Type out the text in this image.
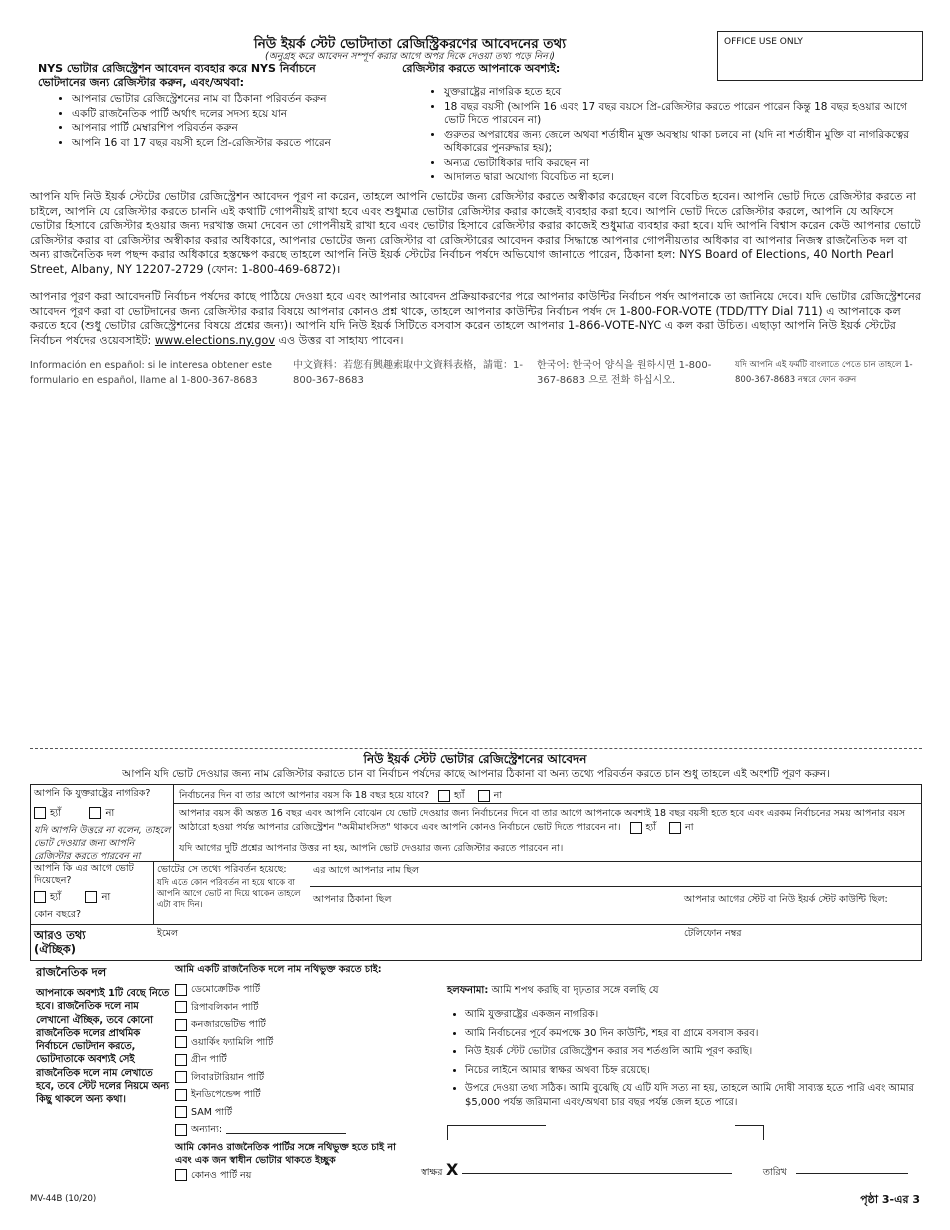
নিউ ইয়র্ক স্টেট ভোটদাতা রেজিস্ট্রিকরণের আবেদনের তথ্য
(অনুগ্রহ করে আবেদন সম্পূর্ণ করার আগে অপর দিকে দেওয়া তথ্য পড়ে নিন।)
OFFICE USE ONLY
NYS ভোটার রেজিস্ট্রেশন আবেদন ব্যবহার করে NYS নির্বাচনে ভোটদানের জন্য রেজিস্টার করুন, এবং/অথবা:
• আপনার ভোটার রেজিস্ট্রেশনের নাম বা ঠিকানা পরিবর্তন করুন
• একটি রাজনৈতিক পার্টি অর্থাৎ দলের সদস্য হয়ে যান
• আপনার পার্টি মেম্বারশিপ পরিবর্তন করুন
• আপনি 16 বা 17 বছর বয়সী হলে প্রি-রেজিস্টার করতে পারেন
রেজিস্টার করতে আপনাকে অবশ্যই:
• যুক্তরাষ্ট্রের নাগরিক হতে হবে
• 18 বছর বয়সী (আপনি 16 এবং 17 বছর বয়সে প্রি-রেজিস্টার করতে পারেন পারেন কিন্তু 18 বছর হওয়ার আগে ভোট দিতে পারবেন না)
• গুরুতর অপরাধের জন্য জেলে অথবা শর্তাধীন মুক্ত অবস্থায় থাকা চলবে না (যদি না শর্তাধীন মুক্তি বা নাগরিকত্বের অধিকারের পুনরুদ্ধার হয়);
• অন্যত্র ভোটাধিকার দাবি করছেন না
• আদালত দ্বারা অযোগ্য বিবেচিত না হলে।
আপনি যদি নিউ ইয়র্ক স্টেটের ভোটার রেজিস্ট্রেশন আবেদন পূরণ না করেন, তাহলে আপনি ভোটের জন্য রেজিস্টার করতে অস্বীকার করেছেন বলে বিবেচিত হবেন। আপনি ভোট দিতে রেজিস্টার করতে না চাইলে, আপনি যে রেজিস্টার করতে চাননি এই কথাটি গোপনীয়ই রাখা হবে এবং শুধুমাত্র ভোটার রেজিস্টার করার কাজেই ব্যবহার করা হবে। আপনি ভোট দিতে রেজিস্টার করলে, আপনি যে অফিসে ভোটার হিসাবে রেজিস্টার হওয়ার জন্য দরখাস্ত জমা দেবেন তা গোপনীয়ই রাখা হবে এবং ভোটার হিসাবে রেজিস্টার করার কাজেই শুধুমাত্র ব্যবহার করা হবে। যদি আপনি বিশ্বাস করেন কেউ আপনার ভোটে রেজিস্টার করার বা রেজিস্টার অস্বীকার করার অধিকারে, আপনার ভোটের জন্য রেজিস্টার বা রেজিস্টারের আবেদন করার সিদ্ধান্তে আপনার গোপনীয়তার অধিকার বা আপনার নিজস্ব রাজনৈতিক দল বা অন্য রাজনৈতিক দল পছন্দ করার অধিকারে হস্তক্ষেপ করছে তাহলে আপনি নিউ ইয়র্ক স্টেটের নির্বাচন পর্ষদে অভিযোগ জানাতে পারেন, ঠিকানা হল: NYS Board of Elections, 40 North Pearl Street, Albany, NY 12207-2729 (ফোন: 1-800-469-6872)।
আপনার পূরণ করা আবেদনটি নির্বাচন পর্ষদের কাছে পাঠিয়ে দেওয়া হবে এবং আপনার আবেদন প্রক্রিয়াকরণের পরে আপনার কাউন্টির নির্বাচন পর্ষদ আপনাকে তা জানিয়ে দেবে। যদি ভোটার রেজিস্ট্রেশনের আবেদন পূরণ করা বা ভোটদানের জন্য রেজিস্টার করার বিষয়ে আপনার কোনও প্রশ্ন থাকে, তাহলে আপনার কাউন্টির নির্বাচন পর্ষদ দে 1-800-FOR-VOTE (TDD/TTY Dial 711) এ আপনাকে কল করতে হবে (শুধু ভোটার রেজিস্ট্রেশনের বিষয়ে প্রশ্নের জন্য)। আপনি যদি নিউ ইয়র্ক সিটিতে বসবাস করেন তাহলে আপনার 1-866-VOTE-NYC এ কল করা উচিত। এছাড়া আপনি নিউ ইয়র্ক স্টেটের নির্বাচন পর্ষদের ওয়েবসাইট: www.elections.ny.gov এও উত্তর বা সাহায্য পাবেন।
Información en español: si le interesa obtener este formulario en español, llame al 1-800-367-8683
中文資料：若您有興趣索取中文資料表格，請電：1-800-367-8683
한국어: 한국어 양식을 원하시면 1-800-367-8683 으로 전화 하십시오.
যদি আপনি এই ফর্মটি বাংলাতে পেতে চান তাহলে 1-800-367-8683 নম্বরে ফোন করুন
নিউ ইয়র্ক স্টেট ভোটার রেজিস্ট্রেশনের আবেদন
আপনি যদি ভোট দেওয়ার জন্য নাম রেজিস্টার করাতে চান বা নির্বাচন পর্ষদের কাছে আপনার ঠিকানা বা অন্য তথ্যে পরিবর্তন করতে চান শুধু তাহলে এই অংশটি পূরণ করুন।
আপনি কি যুক্তরাষ্ট্রের নাগরিক?
হ্যাঁ	না
যদি আপনি উত্তরে না বলেন, তাহলে ভোট দেওয়ার জন্য আপনি রেজিস্টার করতে পারবেন না
নির্বাচনের দিন বা তার আগে আপনার বয়স কি 18 বছর হয়ে যাবে?	হ্যাঁ	না
আপনার বয়স কী অন্তত 16 বছর এবং আপনি বোঝেন যে ভোট দেওয়ার জন্য নির্বাচনের দিনে বা তার আগে আপনাকে অবশ্যই 18 বছর বয়সী হতে হবে এবং এরকম নির্বাচনের সময় আপনার বয়স আঠারো হওয়া পর্যন্ত আপনার রেজিস্ট্রেশন "অমীমাংসিত" থাকবে এবং আপনি কোনও নির্বাচনে ভোট দিতে পারবেন না।	হ্যাঁ	না
যদি আগের দুটি প্রশ্নের আপনার উত্তর না হয়, আপনি ভোট দেওয়ার জন্য রেজিস্টার করতে পারবেন না।
আপনি কি এর আগে ভোট দিয়েছেন?
হ্যাঁ	না
কোন বছরে?
ভোটের সে তথ্যে পরিবর্তন হয়েছে:
যদি এতে কোন পরিবর্তন না হয়ে থাকে বা আপনি আগে ভোট না দিয়ে থাকেন তাহলে এটা বাদ দিন।
এর আগে আপনার নাম ছিল
আপনার ঠিকানা ছিল	আপনার আগের স্টেট বা নিউ ইয়র্ক স্টেট কাউন্টি ছিল:
আরও তথ্য (ঐচ্ছিক)
ইমেল	টেলিফোন নম্বর
রাজনৈতিক দল
আপনাকে অবশ্যই 1টি বেছে নিতে হবে। রাজনৈতিক দলে নাম লেখানো ঐচ্ছিক, তবে কোনো রাজনৈতিক দলের প্রাথমিক নির্বাচনে ভোটদান করতে, ভোটদাতাকে অবশ্যই সেই রাজনৈতিক দলে নাম লেখাতে হবে, তবে স্টেট দলের নিয়মে অন্য কিছু থাকলে অন্য কথা।
আমি একটি রাজনৈতিক দলে নাম নথিভুক্ত করতে চাই:
ডেমোক্রেটিক পার্টি
রিপাবলিকান পার্টি
কনজারভেটিভ পার্টি
ওয়ার্কিং ফ্যামিলি পার্টি
গ্রীন পার্টি
লিবারটারিয়ান পার্টি
ইনডিপেন্ডেন্স পার্টি
SAM পার্টি
অন্যান্য:
আমি কোনও রাজনৈতিক পার্টির সঙ্গে নথিভুক্ত হতে চাই না এবং এক জন স্বাধীন ভোটার থাকতে ইচ্ছুক
কোনও পার্টি নয়
হলফনামা: আমি শপথ করছি বা দৃঢ়তার সঙ্গে বলছি যে
• আমি যুক্তরাষ্ট্রের একজন নাগরিক।
• আমি নির্বাচনের পূর্বে কমপক্ষে 30 দিন কাউন্টি, শহর বা গ্রামে বসবাস করব।
• নিউ ইয়র্ক স্টেট ভোটার রেজিস্ট্রেশন করার সব শর্তগুলি আমি পূরণ করছি।
• নিচের লাইনে আমার স্বাক্ষর অথবা চিহ্ন রয়েছে।
• উপরে দেওয়া তথ্য সঠিক। আমি বুঝেছি যে এটি যদি সত্য না হয়, তাহলে আমি দোষী সাব্যস্ত হতে পারি এবং আমার $5,000 পর্যন্ত জরিমানা এবং/অথবা চার বছর পর্যন্ত জেল হতে পারে।
স্বাক্ষর X	তারিখ
MV-44B (10/20)	পৃষ্ঠা 3-এর 3
